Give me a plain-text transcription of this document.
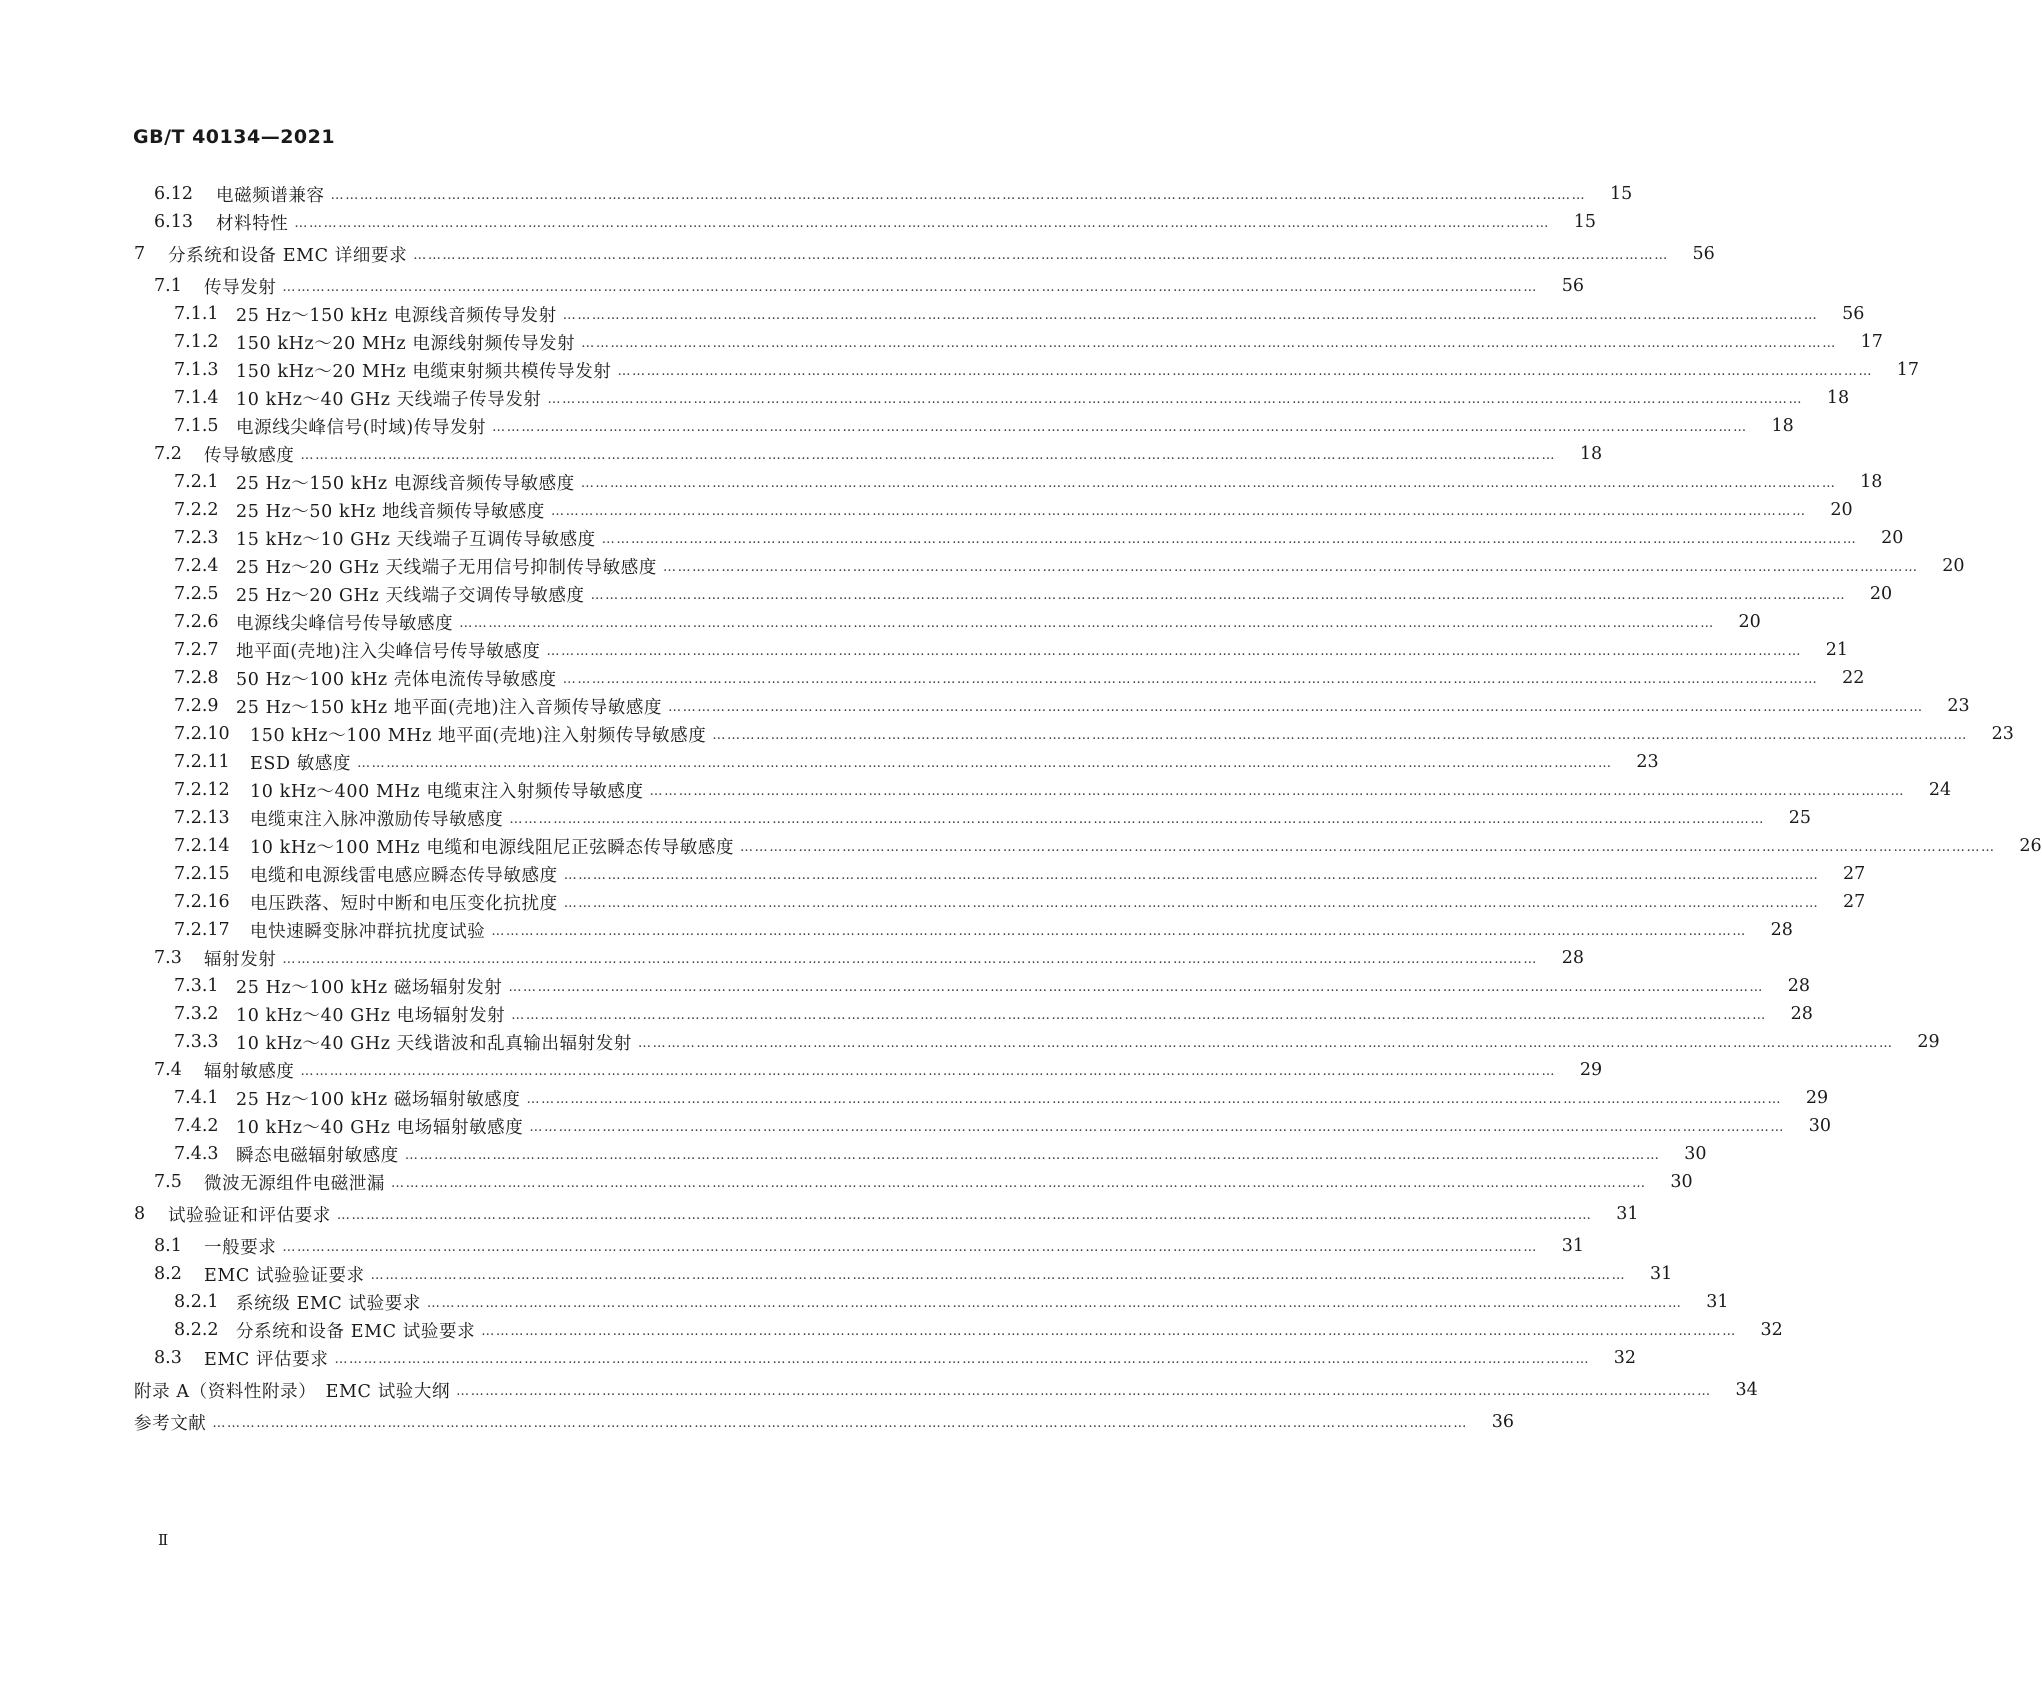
GB/T 40134—2021
6.12	电磁频谱兼容 ……………………………………………………………………………………………………………………………………………………………………………………………………………………………………	15
6.13	材料特性 ……………………………………………………………………………………………………………………………………………………………………………………………………………………………………	15
7	分系统和设备 EMC 详细要求 ……………………………………………………………………………………………………………………………………………………………………………………………………………………………………	56
7.1	传导发射 ……………………………………………………………………………………………………………………………………………………………………………………………………………………………………	56
7.1.1 25 Hz～150 kHz 电源线音频传导发射 ……………………………………………………………………………………………………………………………………………………………………………………………………………………………………	56
7.1.2 150 kHz～20 MHz 电源线射频传导发射 ……………………………………………………………………………………………………………………………………………………………………………………………………………………………………	17
7.1.3 150 kHz～20 MHz 电缆束射频共模传导发射 ……………………………………………………………………………………………………………………………………………………………………………………………………………………………………	17
7.1.4 10 kHz～40 GHz 天线端子传导发射 ……………………………………………………………………………………………………………………………………………………………………………………………………………………………………	18
7.1.5 电源线尖峰信号(时域)传导发射 ……………………………………………………………………………………………………………………………………………………………………………………………………………………………………	18
7.2	传导敏感度 ……………………………………………………………………………………………………………………………………………………………………………………………………………………………………	18
7.2.1 25 Hz～150 kHz 电源线音频传导敏感度 ……………………………………………………………………………………………………………………………………………………………………………………………………………………………………	18
7.2.2 25 Hz～50 kHz 地线音频传导敏感度 ……………………………………………………………………………………………………………………………………………………………………………………………………………………………………	20
7.2.3 15 kHz～10 GHz 天线端子互调传导敏感度 ……………………………………………………………………………………………………………………………………………………………………………………………………………………………………	20
7.2.4 25 Hz～20 GHz 天线端子无用信号抑制传导敏感度 ……………………………………………………………………………………………………………………………………………………………………………………………………………………………………	20
7.2.5 25 Hz～20 GHz 天线端子交调传导敏感度 ……………………………………………………………………………………………………………………………………………………………………………………………………………………………………	20
7.2.6 电源线尖峰信号传导敏感度 ……………………………………………………………………………………………………………………………………………………………………………………………………………………………………	20
7.2.7 地平面(壳地)注入尖峰信号传导敏感度 ……………………………………………………………………………………………………………………………………………………………………………………………………………………………………	21
7.2.8 50 Hz～100 kHz 壳体电流传导敏感度 ……………………………………………………………………………………………………………………………………………………………………………………………………………………………………	22
7.2.9 25 Hz～150 kHz 地平面(壳地)注入音频传导敏感度 ……………………………………………………………………………………………………………………………………………………………………………………………………………………………………	23
7.2.10	150 kHz～100 MHz 地平面(壳地)注入射频传导敏感度 ……………………………………………………………………………………………………………………………………………………………………………………………………………………………………	23
7.2.11	ESD 敏感度 ……………………………………………………………………………………………………………………………………………………………………………………………………………………………………	23
7.2.12	10 kHz～400 MHz 电缆束注入射频传导敏感度 ……………………………………………………………………………………………………………………………………………………………………………………………………………………………………	24
7.2.13	电缆束注入脉冲激励传导敏感度 ……………………………………………………………………………………………………………………………………………………………………………………………………………………………………	25
7.2.14	10 kHz～100 MHz 电缆和电源线阻尼正弦瞬态传导敏感度 ……………………………………………………………………………………………………………………………………………………………………………………………………………………………………	26
7.2.15	电缆和电源线雷电感应瞬态传导敏感度 ……………………………………………………………………………………………………………………………………………………………………………………………………………………………………	27
7.2.16	电压跌落、短时中断和电压变化抗扰度 ……………………………………………………………………………………………………………………………………………………………………………………………………………………………………	27
7.2.17	电快速瞬变脉冲群抗扰度试验 ……………………………………………………………………………………………………………………………………………………………………………………………………………………………………	28
7.3	辐射发射 ……………………………………………………………………………………………………………………………………………………………………………………………………………………………………	28
7.3.1 25 Hz～100 kHz 磁场辐射发射 ……………………………………………………………………………………………………………………………………………………………………………………………………………………………………	28
7.3.2 10 kHz～40 GHz 电场辐射发射 ……………………………………………………………………………………………………………………………………………………………………………………………………………………………………	28
7.3.3 10 kHz～40 GHz 天线谐波和乱真输出辐射发射 ……………………………………………………………………………………………………………………………………………………………………………………………………………………………………	29
7.4	辐射敏感度 ……………………………………………………………………………………………………………………………………………………………………………………………………………………………………	29
7.4.1 25 Hz～100 kHz 磁场辐射敏感度 ……………………………………………………………………………………………………………………………………………………………………………………………………………………………………	29
7.4.2 10 kHz～40 GHz 电场辐射敏感度 ……………………………………………………………………………………………………………………………………………………………………………………………………………………………………	30
7.4.3 瞬态电磁辐射敏感度 ……………………………………………………………………………………………………………………………………………………………………………………………………………………………………	30
7.5	微波无源组件电磁泄漏 ……………………………………………………………………………………………………………………………………………………………………………………………………………………………………	30
8	试验验证和评估要求 ……………………………………………………………………………………………………………………………………………………………………………………………………………………………………	31
8.1	一般要求 ……………………………………………………………………………………………………………………………………………………………………………………………………………………………………	31
8.2	EMC 试验验证要求 ……………………………………………………………………………………………………………………………………………………………………………………………………………………………………	31
8.2.1 系统级 EMC 试验要求 ……………………………………………………………………………………………………………………………………………………………………………………………………………………………………	31
8.2.2 分系统和设备 EMC 试验要求 ……………………………………………………………………………………………………………………………………………………………………………………………………………………………………	32
8.3	EMC 评估要求 ……………………………………………………………………………………………………………………………………………………………………………………………………………………………………	32
附录 A（资料性附录）　EMC 试验大纲 ……………………………………………………………………………………………………………………………………………………………………………………………………………………………………	34
参考文献 ……………………………………………………………………………………………………………………………………………………………………………………………………………………………………	36
Ⅱ
